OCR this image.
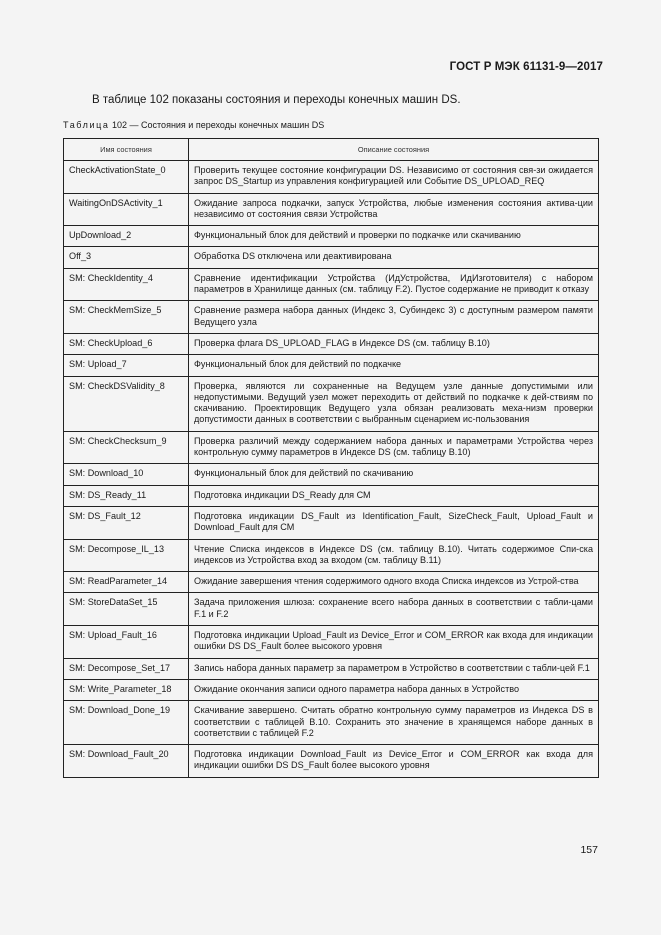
ГОСТ Р МЭК 61131-9—2017
В таблице 102 показаны состояния и переходы конечных машин DS.
Таблица 102 — Состояния и переходы конечных машин DS
Имя состояния	Описание состояния
CheckActivationState_0	Проверить текущее состояние конфигурации DS. Независимо от состояния свя-зи ожидается запрос DS_Startup из управления конфигурацией или Событие DS_UPLOAD_REQ
WaitingOnDSActivity_1	Ожидание запроса подкачки, запуск Устройства, любые изменения состояния актива-ции независимо от состояния связи Устройства
UpDownload_2	Функциональный блок для действий и проверки по подкачке или скачиванию
Off_3	Обработка DS отключена или деактивирована
SM: CheckIdentity_4	Сравнение идентификации Устройства (ИдУстройства, ИдИзготовителя) с набором параметров в Хранилище данных (см. таблицу F.2). Пустое содержание не приводит к отказу
SM: CheckMemSize_5	Сравнение размера набора данных (Индекс 3, Субиндекс 3) с доступным размером памяти Ведущего узла
SM: CheckUpload_6	Проверка флага DS_UPLOAD_FLAG в Индексе DS (см. таблицу В.10)
SM: Upload_7	Функциональный блок для действий по подкачке
SM: CheckDSValidity_8	Проверка, являются ли сохраненные на Ведущем узле данные допустимыми или недопустимыми. Ведущий узел может переходить от действий по подкачке к дей-ствиям по скачиванию. Проектировщик Ведущего узла обязан реализовать меха-низм проверки допустимости данных в соответствии с выбранным сценарием ис-пользования
SM: CheckChecksum_9	Проверка различий между содержанием набора данных и параметрами Устройства через контрольную сумму параметров в Индексе DS (см. таблицу В.10)
SM: Download_10	Функциональный блок для действий по скачиванию
SM: DS_Ready_11	Подготовка индикации DS_Ready для СМ
SM: DS_Fault_12	Подготовка индикации DS_Fault из Identification_Fault, SizeCheck_Fault, Upload_Fault и Download_Fault для СМ
SM: Decompose_IL_13	Чтение Списка индексов в Индексе DS (см. таблицу В.10). Читать содержимое Спи-ска индексов из Устройства вход за входом (см. таблицу В.11)
SM: ReadParameter_14	Ожидание завершения чтения содержимого одного входа Списка индексов из Устрой-ства
SM: StoreDataSet_15	Задача приложения шлюза: сохранение всего набора данных в соответствии с табли-цами F.1 и F.2
SM: Upload_Fault_16	Подготовка индикации Upload_Fault из Device_Error и COM_ERROR как входа для индикации ошибки DS DS_Fault более высокого уровня
SM: Decompose_Set_17	Запись набора данных параметр за параметром в Устройство в соответствии с табли-цей F.1
SM: Write_Parameter_18	Ожидание окончания записи одного параметра набора данных в Устройство
SM: Download_Done_19	Скачивание завершено. Считать обратно контрольную сумму параметров из Индекса DS в соответствии с таблицей В.10. Сохранить это значение в хранящемся наборе данных в соответствии с таблицей F.2
SM: Download_Fault_20	Подготовка индикации Download_Fault из Device_Error и COM_ERROR как входа для индикации ошибки DS DS_Fault более высокого уровня
157
